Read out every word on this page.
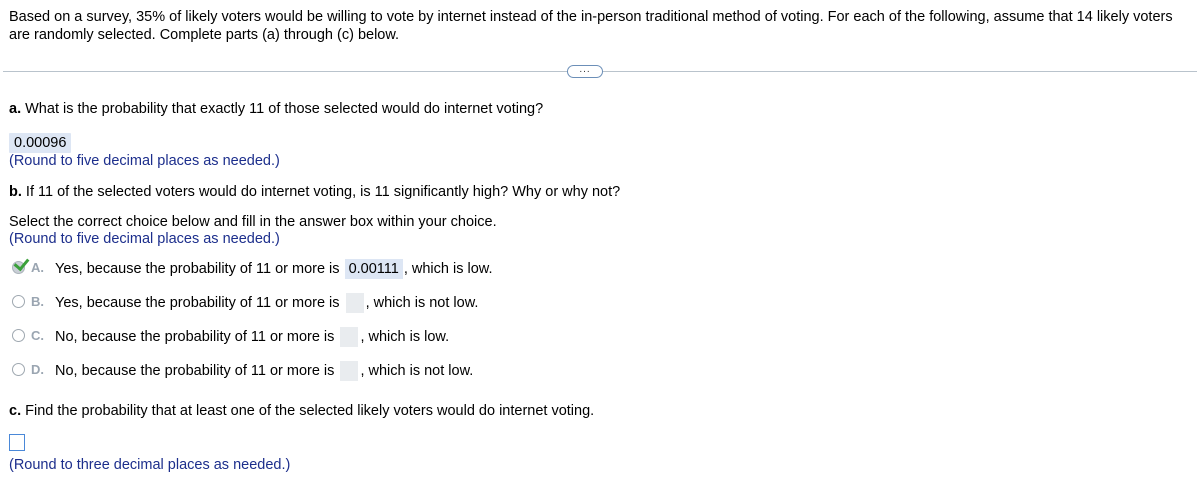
Based on a survey, 35% of likely voters would be willing to vote by internet instead of the in-person traditional method of voting. For each of the following, assume that 14 likely voters are randomly selected. Complete parts (a) through (c) below.
...
a. What is the probability that exactly 11 of those selected would do internet voting?
0.00096
(Round to five decimal places as needed.)
b. If 11 of the selected voters would do internet voting, is 11 significantly high? Why or why not?
Select the correct choice below and fill in the answer box within your choice.
(Round to five decimal places as needed.)
A. Yes, because the probability of 11 or more is 0.00111 , which is low.
B. Yes, because the probability of 11 or more is , which is not low.
C. No, because the probability of 11 or more is , which is low.
D. No, because the probability of 11 or more is , which is not low.
c. Find the probability that at least one of the selected likely voters would do internet voting.
(Round to three decimal places as needed.)
